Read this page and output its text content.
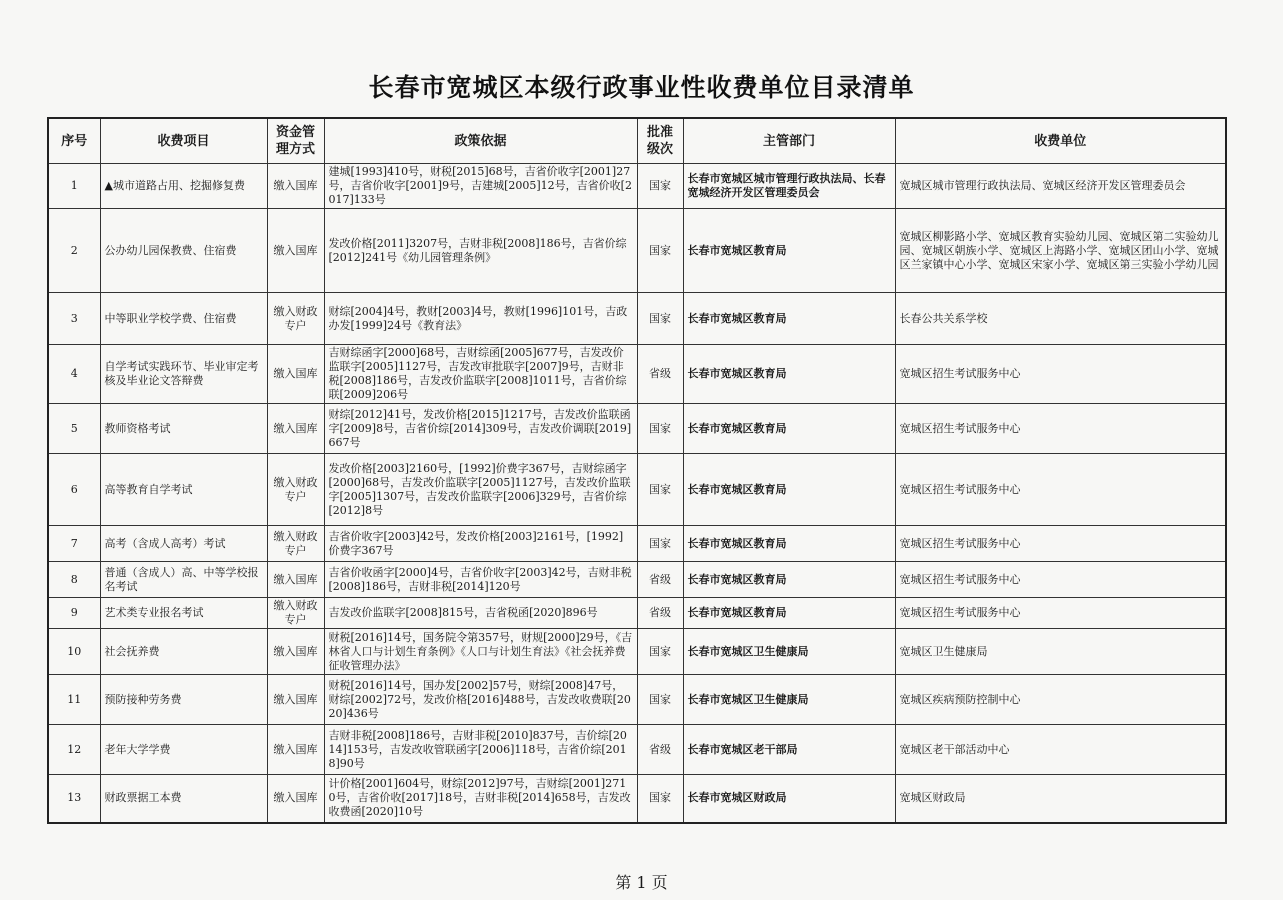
长春市宽城区本级行政事业性收费单位目录清单
序号	收费项目	资金管理方式	政策依据	批准级次	主管部门	收费单位
1	▲城市道路占用、挖掘修复费	缴入国库	建城[1993]410号，财税[2015]68号，吉省价收字[2001]27号，吉省价收字[2001]9号，吉建城[2005]12号，吉省价收[2017]133号	国家	长春市宽城区城市管理行政执法局、长春宽城经济开发区管理委员会	宽城区城市管理行政执法局、宽城区经济开发区管理委员会
2	公办幼儿园保教费、住宿费	缴入国库	发改价格[2011]3207号，吉财非税[2008]186号，吉省价综[2012]241号《幼儿园管理条例》	国家	长春市宽城区教育局	宽城区柳影路小学、宽城区教育实验幼儿园、宽城区第二实验幼儿园、宽城区朝族小学、宽城区上海路小学、宽城区团山小学、宽城区兰家镇中心小学、宽城区宋家小学、宽城区第三实验小学幼儿园
3	中等职业学校学费、住宿费	缴入财政专户	财综[2004]4号，教财[2003]4号，教财[1996]101号，吉政办发[1999]24号《教育法》	国家	长春市宽城区教育局	长春公共关系学校
4	自学考试实践环节、毕业审定考核及毕业论文答辩费	缴入国库	吉财综函字[2000]68号，吉财综函[2005]677号，吉发改价监联字[2005]1127号，吉发改审批联字[2007]9号，吉财非税[2008]186号，吉发改价监联字[2008]1011号，吉省价综联[2009]206号	省级	长春市宽城区教育局	宽城区招生考试服务中心
5	教师资格考试	缴入国库	财综[2012]41号，发改价格[2015]1217号，吉发改价监联函字[2009]8号，吉省价综[2014]309号，吉发改价调联[2019]667号	国家	长春市宽城区教育局	宽城区招生考试服务中心
6	高等教育自学考试	缴入财政专户	发改价格[2003]2160号，[1992]价费字367号，吉财综函字[2000]68号，吉发改价监联字[2005]1127号，吉发改价监联字[2005]1307号，吉发改价监联字[2006]329号，吉省价综[2012]8号	国家	长春市宽城区教育局	宽城区招生考试服务中心
7	高考（含成人高考）考试	缴入财政专户	吉省价收字[2003]42号，发改价格[2003]2161号，[1992]价费字367号	国家	长春市宽城区教育局	宽城区招生考试服务中心
8	普通（含成人）高、中等学校报名考试	缴入国库	吉省价收函字[2000]4号，吉省价收字[2003]42号，吉财非税[2008]186号，吉财非税[2014]120号	省级	长春市宽城区教育局	宽城区招生考试服务中心
9	艺术类专业报名考试	缴入财政专户	吉发改价监联字[2008]815号，吉省税函[2020]896号	省级	长春市宽城区教育局	宽城区招生考试服务中心
10	社会抚养费	缴入国库	财税[2016]14号，国务院令第357号，财规[2000]29号，《吉林省人口与计划生育条例》《人口与计划生育法》《社会抚养费征收管理办法》	国家	长春市宽城区卫生健康局	宽城区卫生健康局
11	预防接种劳务费	缴入国库	财税[2016]14号，国办发[2002]57号，财综[2008]47号，财综[2002]72号，发改价格[2016]488号，吉发改收费联[2020]436号	国家	长春市宽城区卫生健康局	宽城区疾病预防控制中心
12	老年大学学费	缴入国库	吉财非税[2008]186号，吉财非税[2010]837号，吉价综[2014]153号，吉发改收管联函字[2006]118号，吉省价综[2018]90号	省级	长春市宽城区老干部局	宽城区老干部活动中心
13	财政票据工本费	缴入国库	计价格[2001]604号，财综[2012]97号，吉财综[2001]2710号，吉省价收[2017]18号，吉财非税[2014]658号，吉发改收费函[2020]10号	国家	长春市宽城区财政局	宽城区财政局
第 1 页
